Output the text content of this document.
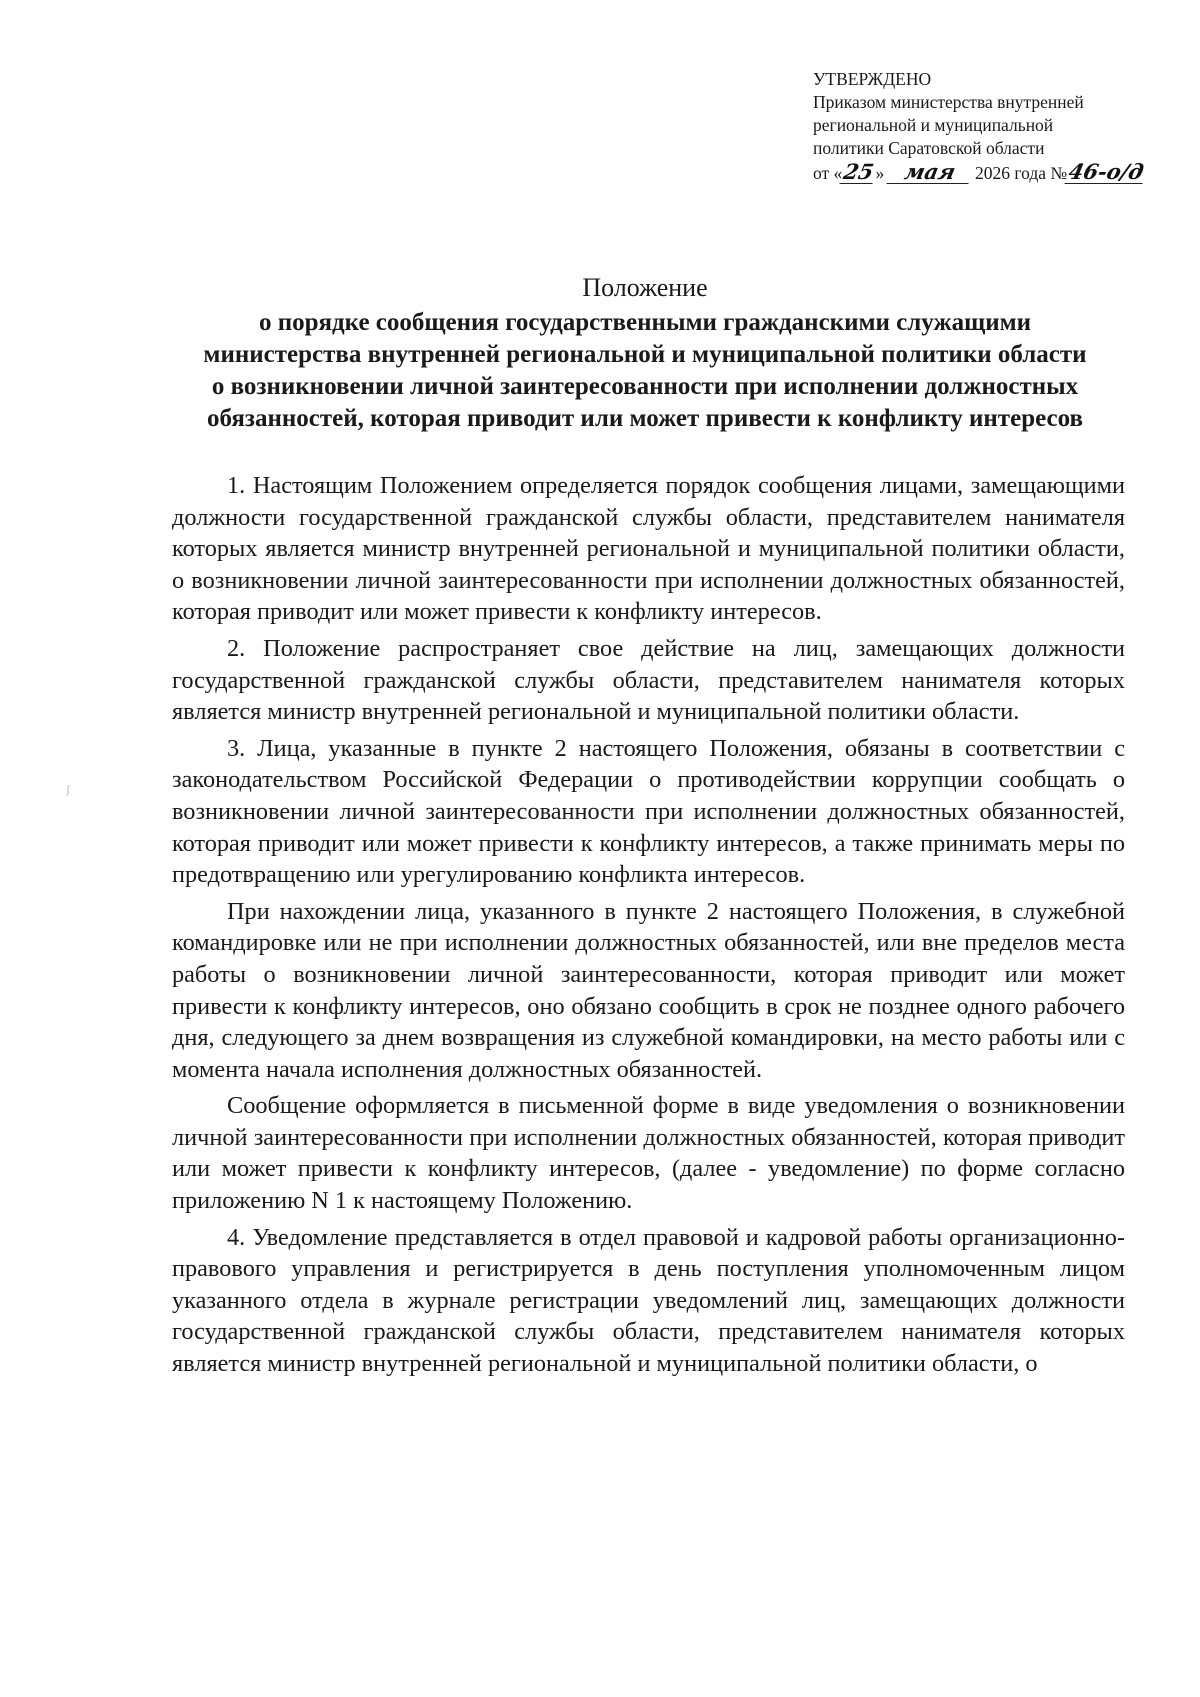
УТВЕРЖДЕНО
Приказом министерства внутренней
региональной и муниципальной
политики Саратовской области
от «25» мая 2026 года №46-о/д
Положение
о порядке сообщения государственными гражданскими служащими
министерства внутренней региональной и муниципальной политики области
о возникновении личной заинтересованности при исполнении должностных
обязанностей, которая приводит или может привести к конфликту интересов

1. Настоящим Положением определяется порядок сообщения лицами, замещающими должности государственной гражданской службы области, представителем нанимателя которых является министр внутренней региональной и муниципальной политики области, о возникновении личной заинтересованности при исполнении должностных обязанностей, которая приводит или может привести к конфликту интересов.

2. Положение распространяет свое действие на лиц, замещающих должности государственной гражданской службы области, представителем нанимателя которых является министр внутренней региональной и муниципальной политики области.

3. Лица, указанные в пункте 2 настоящего Положения, обязаны в соответствии с законодательством Российской Федерации о противодействии коррупции сообщать о возникновении личной заинтересованности при исполнении должностных обязанностей, которая приводит или может привести к конфликту интересов, а также принимать меры по предотвращению или урегулированию конфликта интересов.

При нахождении лица, указанного в пункте 2 настоящего Положения, в служебной командировке или не при исполнении должностных обязанностей, или вне пределов места работы о возникновении личной заинтересованности, которая приводит или может привести к конфликту интересов, оно обязано сообщить в срок не позднее одного рабочего дня, следующего за днем возвращения из служебной командировки, на место работы или с момента начала исполнения должностных обязанностей.

Сообщение оформляется в письменной форме в виде уведомления о возникновении личной заинтересованности при исполнении должностных обязанностей, которая приводит или может привести к конфликту интересов, (далее - уведомление) по форме согласно приложению N 1 к настоящему Положению.

4. Уведомление представляется в отдел правовой и кадровой работы организационно-правового управления и регистрируется в день поступления уполномоченным лицом указанного отдела в журнале регистрации уведомлений лиц, замещающих должности государственной гражданской службы области, представителем нанимателя которых является министр внутренней региональной и муниципальной политики области, о

ʃ
